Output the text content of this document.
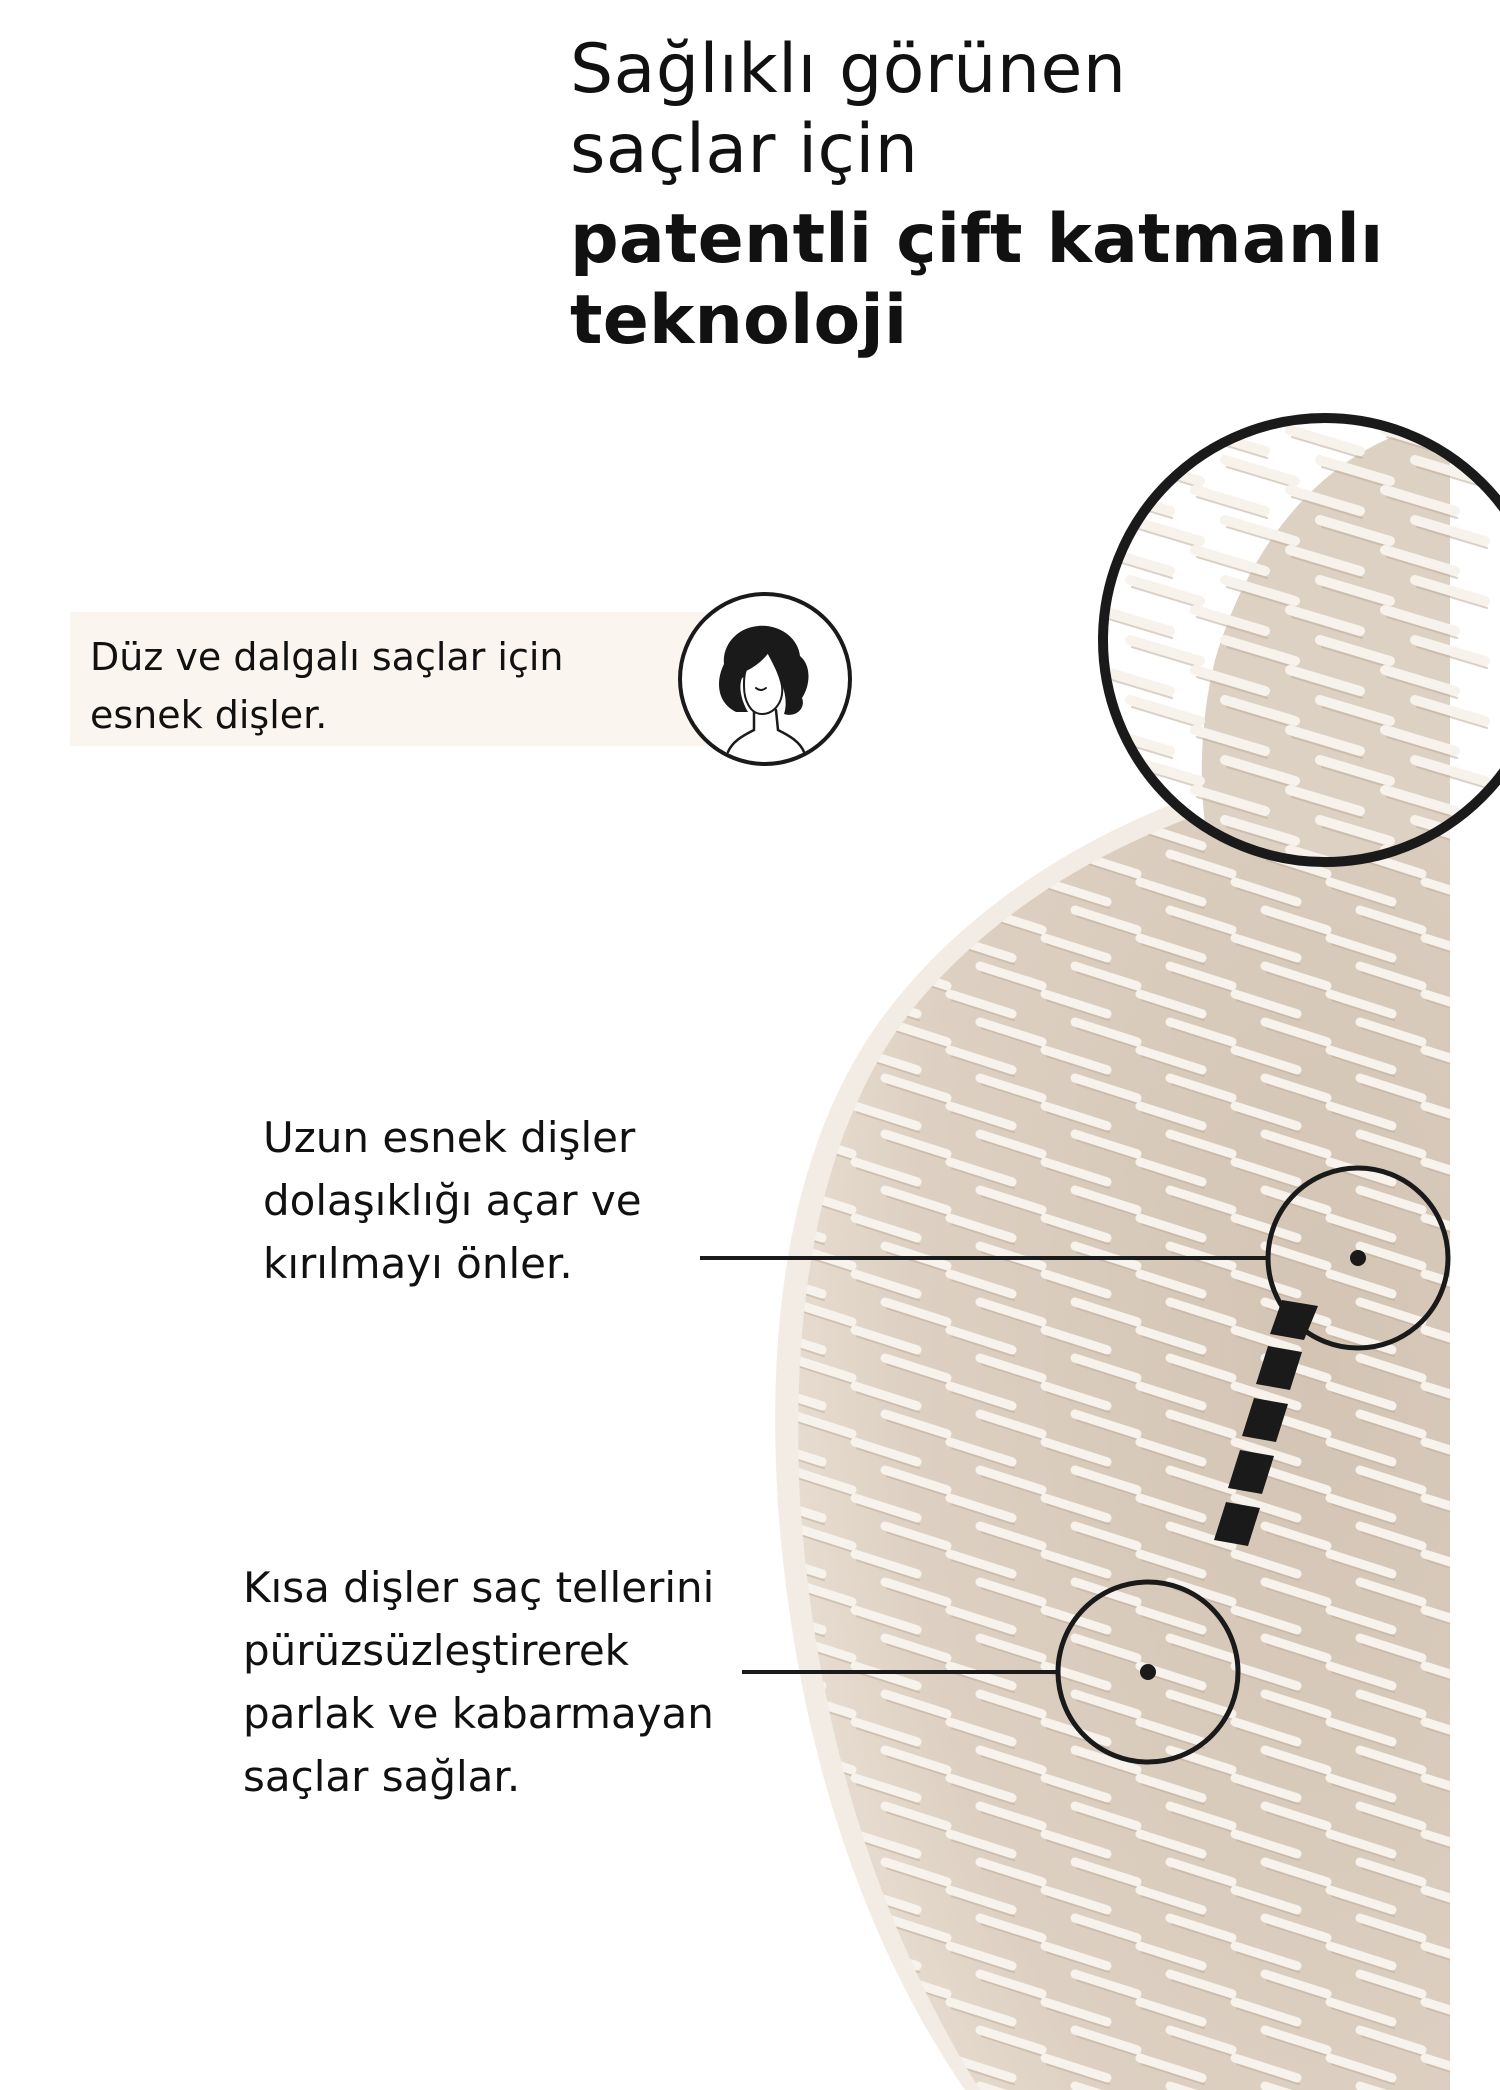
Sağlıklı görünen
saçlar için
patentli çift katmanlı
teknoloji
Düz ve dalgalı saçlar için
esnek dişler.
Uzun esnek dişler
dolaşıklığı açar ve
kırılmayı önler.
Kısa dişler saç tellerini
pürüzsüzleştirerek
parlak ve kabarmayan
saçlar sağlar.
